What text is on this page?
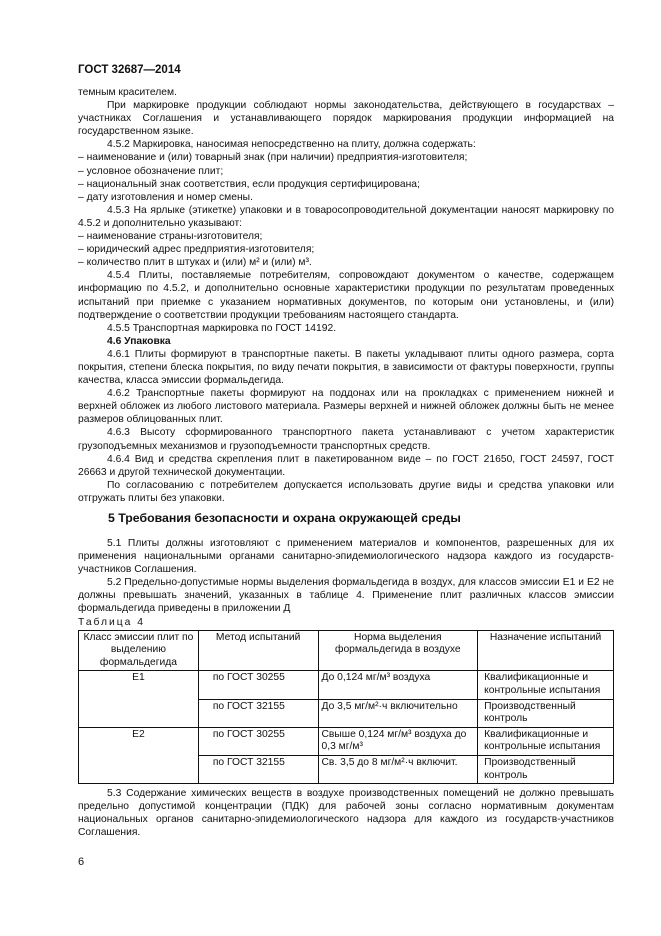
ГОСТ 32687—2014

темным красителем.

При маркировке продукции соблюдают нормы законодательства, действующего в государствах – участниках Соглашения и устанавливающего порядок маркирования продукции информацией на государственном языке.

4.5.2 Маркировка, наносимая непосредственно на плиту, должна содержать:

– наименование и (или) товарный знак (при наличии) предприятия-изготовителя;

– условное обозначение плит;

– национальный знак соответствия, если продукция сертифицирована;

– дату изготовления и номер смены.

4.5.3 На ярлыке (этикетке) упаковки и в товаросопроводительной документации наносят маркировку по 4.5.2 и дополнительно указывают:

– наименование страны-изготовителя;

– юридический адрес предприятия-изготовителя;

– количество плит в штуках и (или) м² и (или) м³.

4.5.4 Плиты, поставляемые потребителям, сопровождают документом о качестве, содержащем информацию по 4.5.2, и дополнительно основные характеристики продукции по результатам проведенных испытаний при приемке с указанием нормативных документов, по которым они установлены, и (или) подтверждение о соответствии продукции требованиям настоящего стандарта.

4.5.5 Транспортная маркировка по ГОСТ 14192.

4.6 Упаковка

4.6.1 Плиты формируют в транспортные пакеты. В пакеты укладывают плиты одного размера, сорта покрытия, степени блеска покрытия, по виду печати покрытия, в зависимости от фактуры поверхности, группы качества, класса эмиссии формальдегида.

4.6.2 Транспортные пакеты формируют на поддонах или на прокладках с применением нижней и верхней обложек из любого листового материала. Размеры верхней и нижней обложек должны быть не менее размеров облицованных плит.

4.6.3 Высоту сформированного транспортного пакета устанавливают с учетом характеристик грузоподъемных механизмов и грузоподъемности транспортных средств.

4.6.4 Вид и средства скрепления плит в пакетированном виде – по ГОСТ 21650, ГОСТ 24597, ГОСТ 26663 и другой технической документации.

По согласованию с потребителем допускается использовать другие виды и средства упаковки или отгружать плиты без упаковки.

5 Требования безопасности и охрана окружающей среды

5.1 Плиты должны изготовляют с применением материалов и компонентов, разрешенных для их применения национальными органами санитарно-эпидемиологического надзора каждого из государств-участников Соглашения.

5.2 Предельно-допустимые нормы выделения формальдегида в воздух, для классов эмиссии Е1 и Е2 не должны превышать значений, указанных в таблице 4. Применение плит различных классов эмиссии формальдегида приведены в приложении Д

Таблица 4
Класс эмиссии плит по выделению формальдегида	Метод испытаний	Норма выделения формальдегида в воздухе	Назначение испытаний
Е1	по ГОСТ 30255	До 0,124 мг/м³ воздуха	Квалификационные и контрольные испытания
	по ГОСТ 32155	До 3,5 мг/м²·ч включительно	Производственный контроль
Е2	по ГОСТ 30255	Свыше 0,124 мг/м³ воздуха до 0,3 мг/м³	Квалификационные и контрольные испытания
	по ГОСТ 32155	Св. 3,5 до 8 мг/м²·ч включит.	Производственный контроль

5.3 Содержание химических веществ в воздухе производственных помещений не должно превышать предельно допустимой концентрации (ПДК) для рабочей зоны согласно нормативным документам национальных органов санитарно-эпидемиологического надзора для каждого из государств-участников Соглашения.

6
